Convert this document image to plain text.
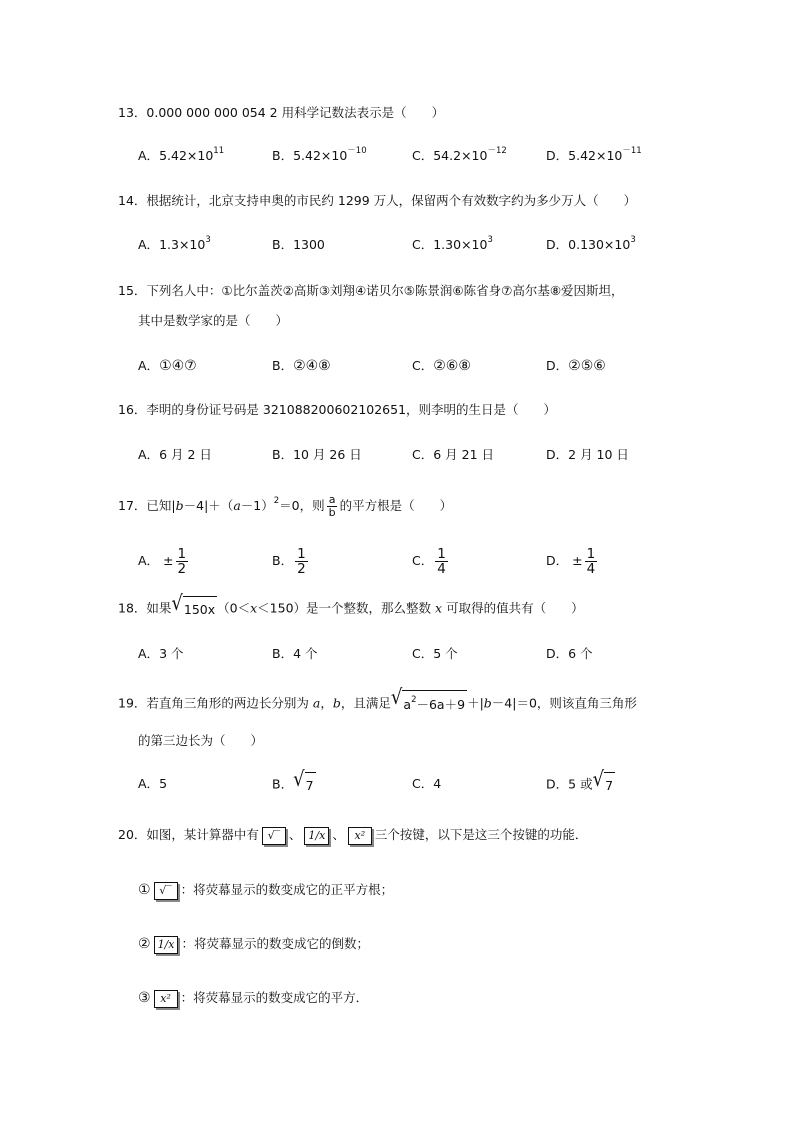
13．0.000 000 000 054 2 用科学记数法表示是（　　）
A．$5.42\times 10^{11}$	B．$5.42\times 10^{-10}$	C．$54.2\times 10^{-12}$	D．$5.42\times 10^{-11}$
14．根据统计，北京支持申奥的市民约 1299 万人，保留两个有效数字约为多少万人（　　）
A．$1.3\times 10^3$	B．1300	C．$1.30\times 10^3$	D．$0.130\times 10^3$
15．下列名人中：①比尔盖茨②高斯③刘翔④诺贝尔⑤陈景润⑥陈省身⑦高尔基⑧爱因斯坦，
其中是数学家的是（　　）
A．①④⑦	B．②④⑧	C．②⑥⑧	D．②⑤⑥
16．李明的身份证号码是 321088200602102651，则李明的生日是（　　）
A．6 月 2 日	B．10 月 26 日	C．6 月 21 日	D．2 月 10 日
17．已知$|b-4|+(a-1)^2=0$，则 $\frac{a}{b}$ 的平方根是（　　）
A． ± $\frac{1}{2}$	B． $\frac{1}{2}$	C． $\frac{1}{4}$	D． ± $\frac{1}{4}$
18．如果 √ 150x （0＜x＜150）是一个整数，那么整数 x 可取得的值共有（　　）
A．3 个	B．4 个	C．5 个	D．6 个
19．若直角三角形的两边长分别为 a，b，且满足 √ $a^2-6a+9 +|b-4|=0$，则该直角三角形
的第三边长为（　　）
A．5	B． √ 7	C．4	D．5 或 √ 7
20．如图，某计算器中有 √‾ 、 1/x 、 x² 三个按键，以下是这三个按键的功能．
① √‾ ：将荧幕显示的数变成它的正平方根；
② 1/x ：将荧幕显示的数变成它的倒数；
③ x² ：将荧幕显示的数变成它的平方．
